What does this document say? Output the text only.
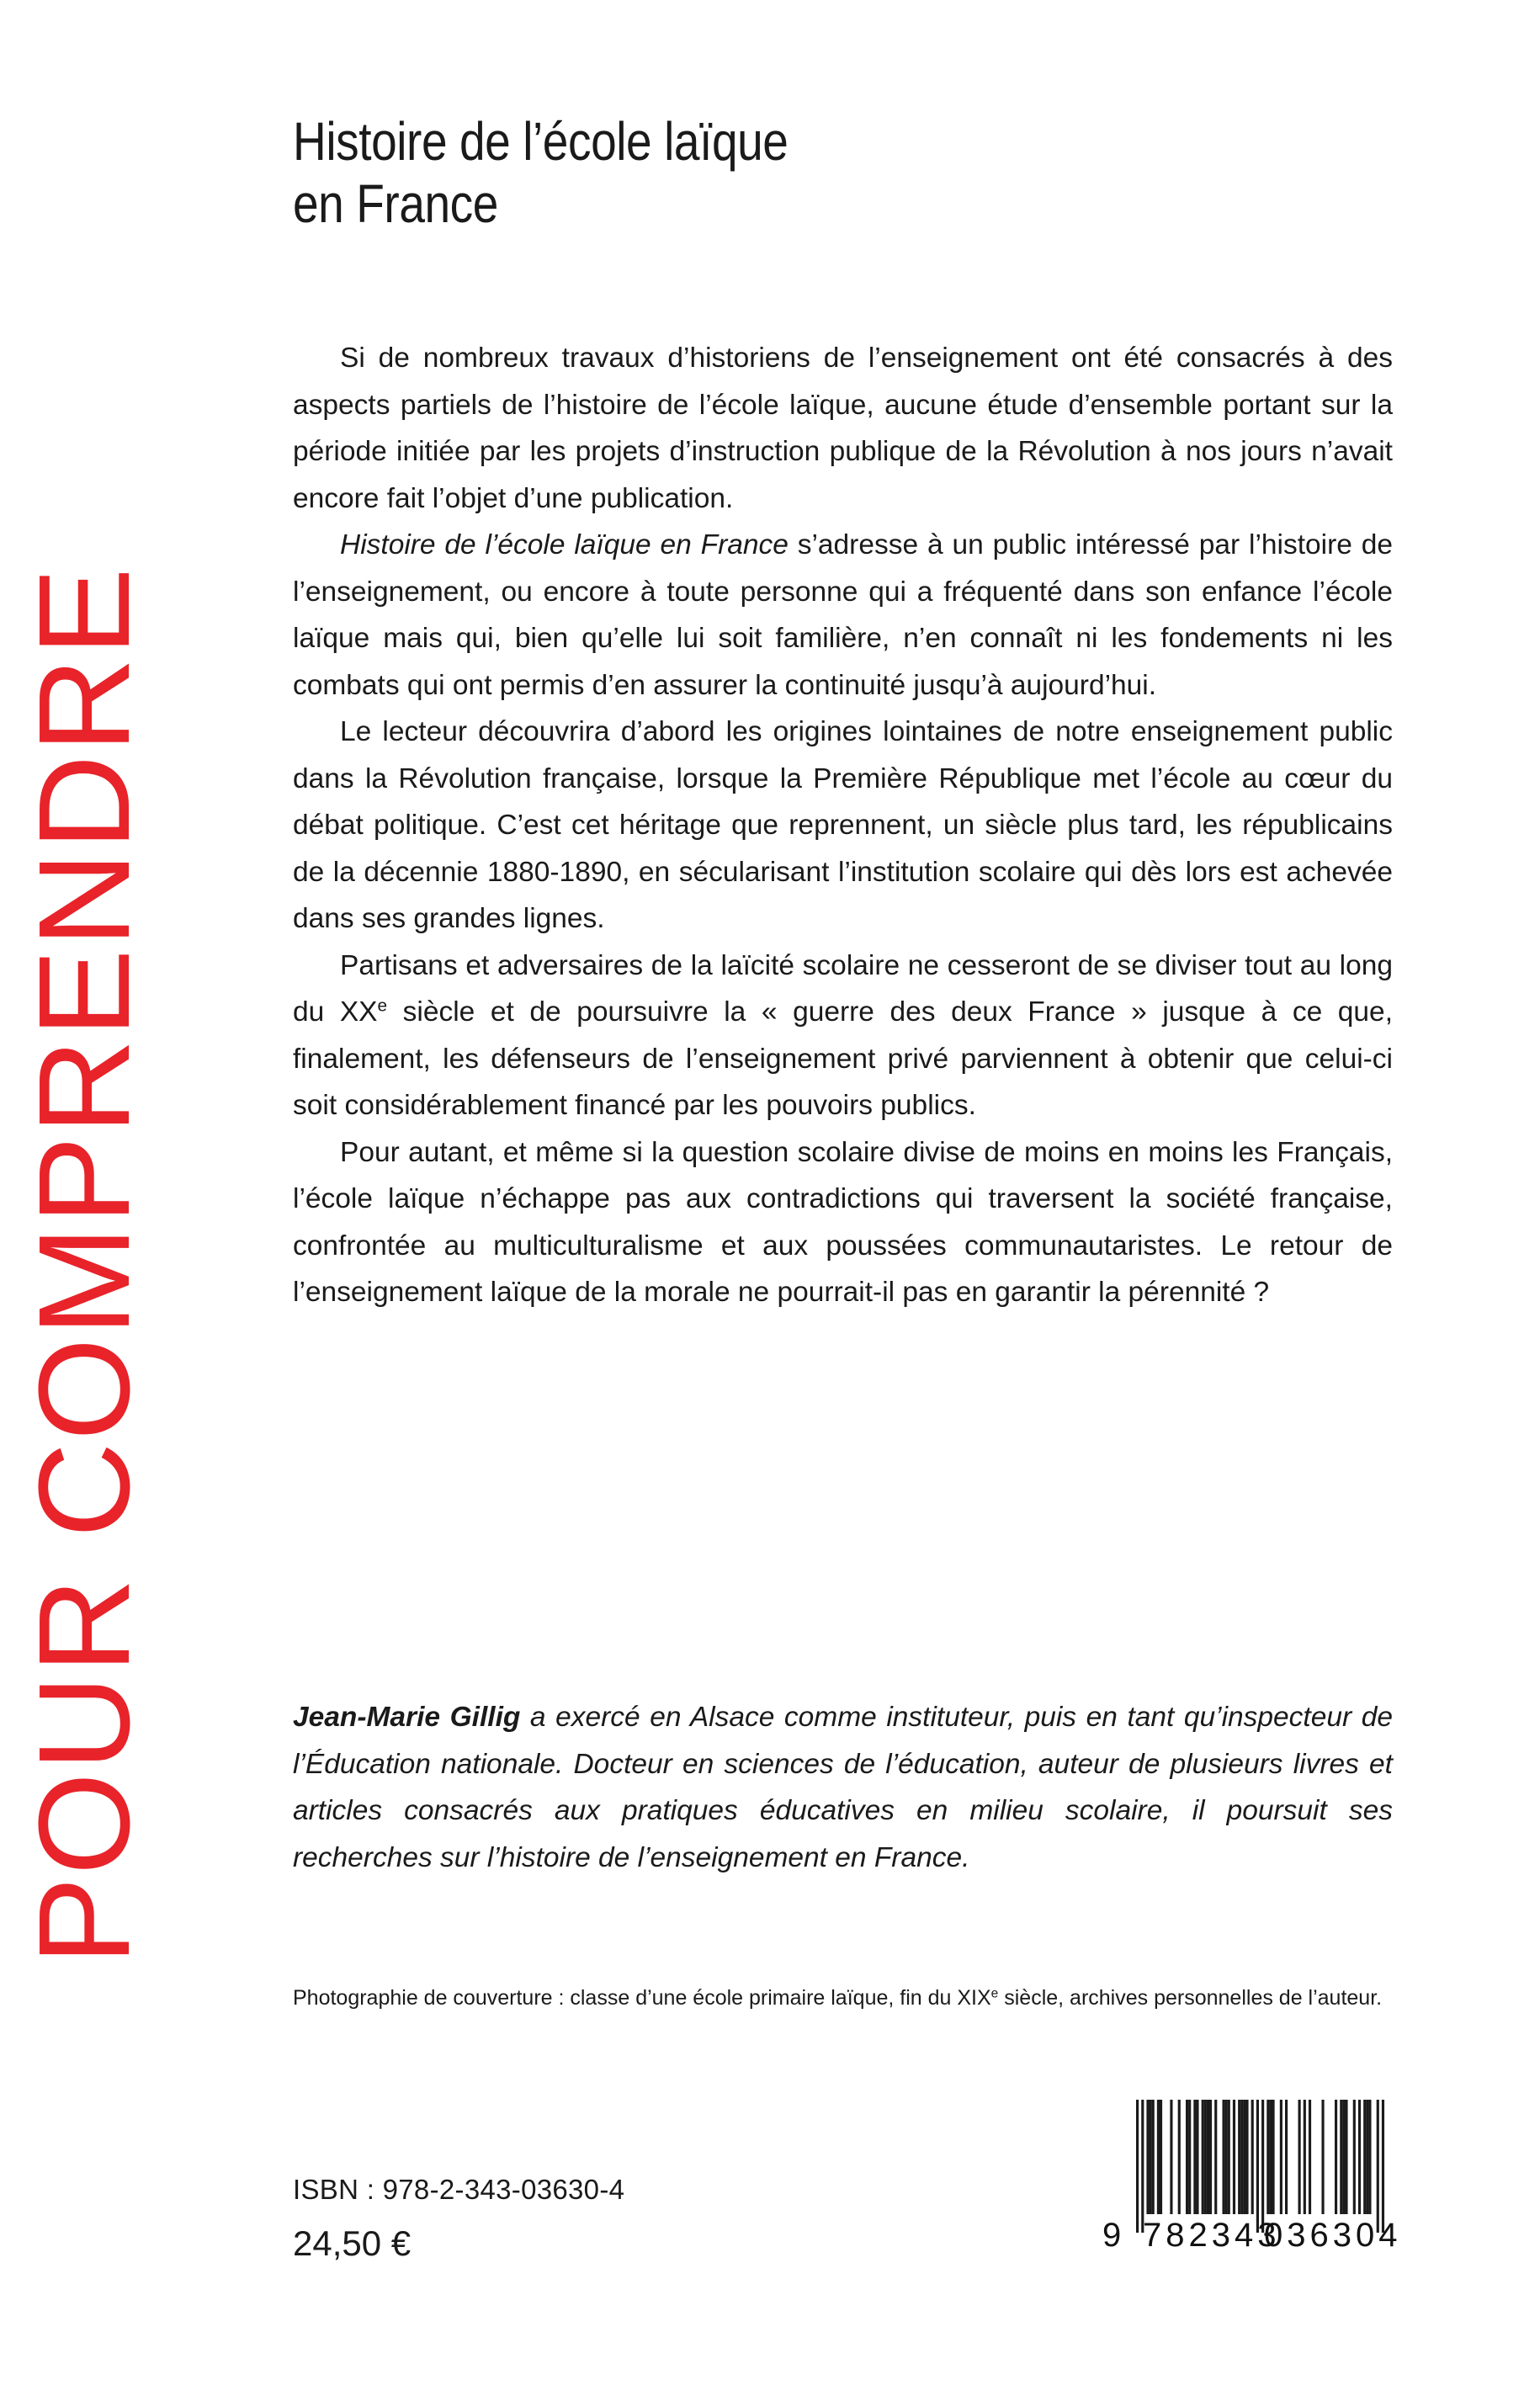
POUR COMPRENDRE
Histoire de l’école laïque
en France

Si de nombreux travaux d’historiens de l’enseignement ont été consacrés à des aspects partiels de l’histoire de l’école laïque, aucune étude d’ensemble portant sur la période initiée par les projets d’instruction publique de la Révolution à nos jours n’avait encore fait l’objet d’une publication.

Histoire de l’école laïque en France s’adresse à un public intéressé par l’histoire de l’enseignement, ou encore à toute personne qui a fréquenté dans son enfance l’école laïque mais qui, bien qu’elle lui soit familière, n’en connaît ni les fondements ni les combats qui ont permis d’en assurer la continuité jusqu’à aujourd’hui.

Le lecteur découvrira d’abord les origines lointaines de notre enseignement public dans la Révolution française, lorsque la Première République met l’école au cœur du débat politique. C’est cet héritage que reprennent, un siècle plus tard, les républicains de la décennie 1880-1890, en sécularisant l’institution scolaire qui dès lors est achevée dans ses grandes lignes.

Partisans et adversaires de la laïcité scolaire ne cesseront de se diviser tout au long du XXe siècle et de poursuivre la « guerre des deux France » jusque à ce que, finalement, les défenseurs de l’enseignement privé parviennent à obtenir que celui-ci soit considérablement financé par les pouvoirs publics.

Pour autant, et même si la question scolaire divise de moins en moins les Français, l’école laïque n’échappe pas aux contradictions qui traversent la société française, confrontée au multiculturalisme et aux poussées communautaristes. Le retour de l’enseignement laïque de la morale ne pourrait-il pas en garantir la pérennité ?

Jean-Marie Gillig a exercé en Alsace comme instituteur, puis en tant qu’inspecteur de l’Éducation nationale. Docteur en sciences de l’éducation, auteur de plusieurs livres et articles consacrés aux pratiques éducatives en milieu scolaire, il poursuit ses recherches sur l’histoire de l’enseignement en France.

Photographie de couverture : classe d’une école primaire laïque, fin du XIXe siècle, archives personnelles de l’auteur.
ISBN : 978-2-343-03630-4
24,50 €	9 782343
036304
